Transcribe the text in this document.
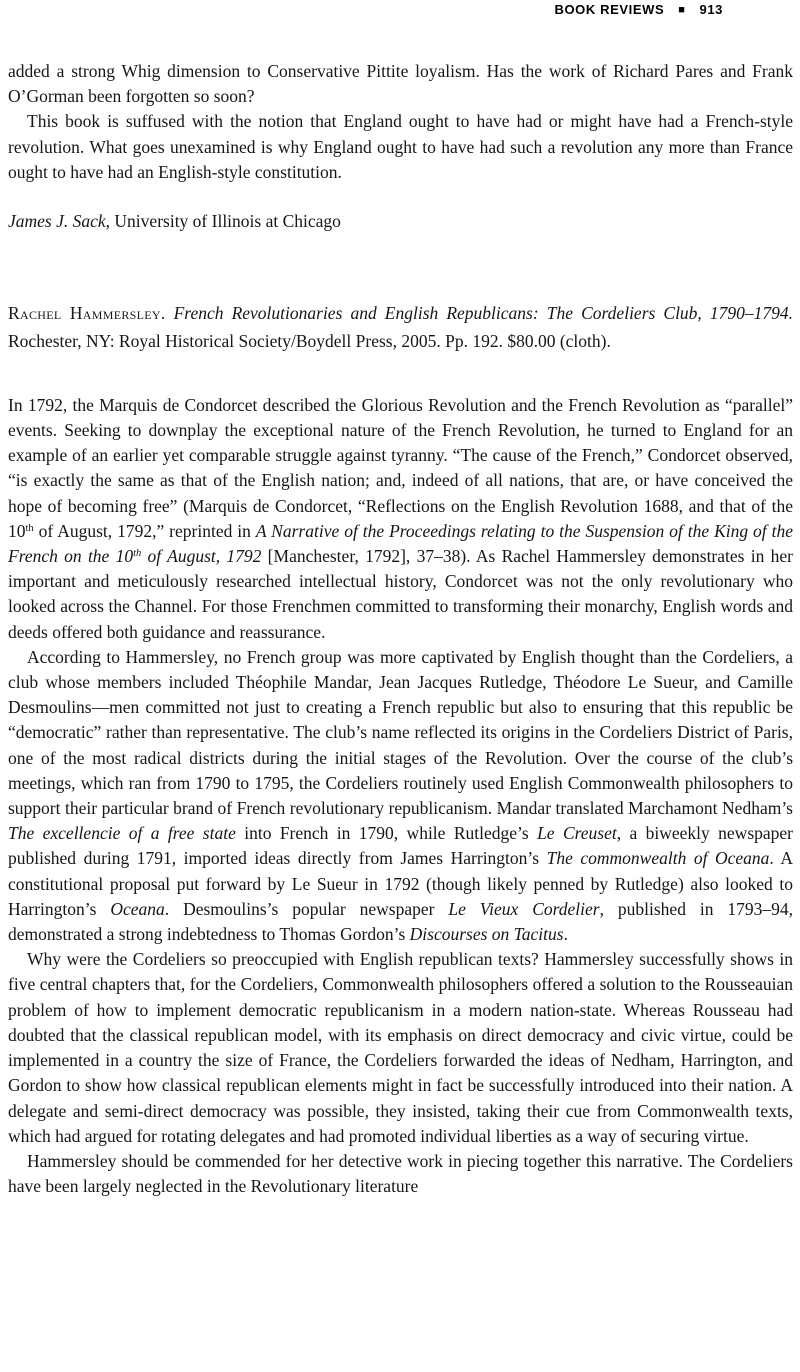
BOOK REVIEWS ■ 913

added a strong Whig dimension to Conservative Pittite loyalism. Has the work of Richard Pares and Frank O’Gorman been forgotten so soon?

This book is suffused with the notion that England ought to have had or might have had a French-style revolution. What goes unexamined is why England ought to have had such a revolution any more than France ought to have had an English-style constitution.

James J. Sack, University of Illinois at Chicago

Rachel Hammersley. French Revolutionaries and English Republicans: The Cordeliers Club, 1790–1794. Rochester, NY: Royal Historical Society/Boydell Press, 2005. Pp. 192. $80.00 (cloth).

In 1792, the Marquis de Condorcet described the Glorious Revolution and the French Revolution as “parallel” events. Seeking to downplay the exceptional nature of the French Revolution, he turned to England for an example of an earlier yet comparable struggle against tyranny. “The cause of the French,” Condorcet observed, “is exactly the same as that of the English nation; and, indeed of all nations, that are, or have conceived the hope of becoming free” (Marquis de Condorcet, “Reflections on the English Revolution 1688, and that of the 10th of August, 1792,” reprinted in A Narrative of the Proceedings relating to the Suspension of the King of the French on the 10th of August, 1792 [Manchester, 1792], 37–38). As Rachel Hammersley demonstrates in her important and meticulously researched intellectual history, Condorcet was not the only revolutionary who looked across the Channel. For those Frenchmen committed to transforming their monarchy, English words and deeds offered both guidance and reassurance.

According to Hammersley, no French group was more captivated by English thought than the Cordeliers, a club whose members included Théophile Mandar, Jean Jacques Rutledge, Théodore Le Sueur, and Camille Desmoulins—men committed not just to creating a French republic but also to ensuring that this republic be “democratic” rather than representative. The club’s name reflected its origins in the Cordeliers District of Paris, one of the most radical districts during the initial stages of the Revolution. Over the course of the club’s meetings, which ran from 1790 to 1795, the Cordeliers routinely used English Commonwealth philosophers to support their particular brand of French revolutionary republicanism. Mandar translated Marchamont Nedham’s The excellencie of a free state into French in 1790, while Rutledge’s Le Creuset, a biweekly newspaper published during 1791, imported ideas directly from James Harrington’s The commonwealth of Oceana. A constitutional proposal put forward by Le Sueur in 1792 (though likely penned by Rutledge) also looked to Harrington’s Oceana. Desmoulins’s popular newspaper Le Vieux Cordelier, published in 1793–94, demonstrated a strong indebtedness to Thomas Gordon’s Discourses on Tacitus.

Why were the Cordeliers so preoccupied with English republican texts? Hammersley successfully shows in five central chapters that, for the Cordeliers, Commonwealth philosophers offered a solution to the Rousseauian problem of how to implement democratic republicanism in a modern nation-state. Whereas Rousseau had doubted that the classical republican model, with its emphasis on direct democracy and civic virtue, could be implemented in a country the size of France, the Cordeliers forwarded the ideas of Nedham, Harrington, and Gordon to show how classical republican elements might in fact be successfully introduced into their nation. A delegate and semi-direct democracy was possible, they insisted, taking their cue from Commonwealth texts, which had argued for rotating delegates and had promoted individual liberties as a way of securing virtue.

Hammersley should be commended for her detective work in piecing together this narrative. The Cordeliers have been largely neglected in the Revolutionary literature
